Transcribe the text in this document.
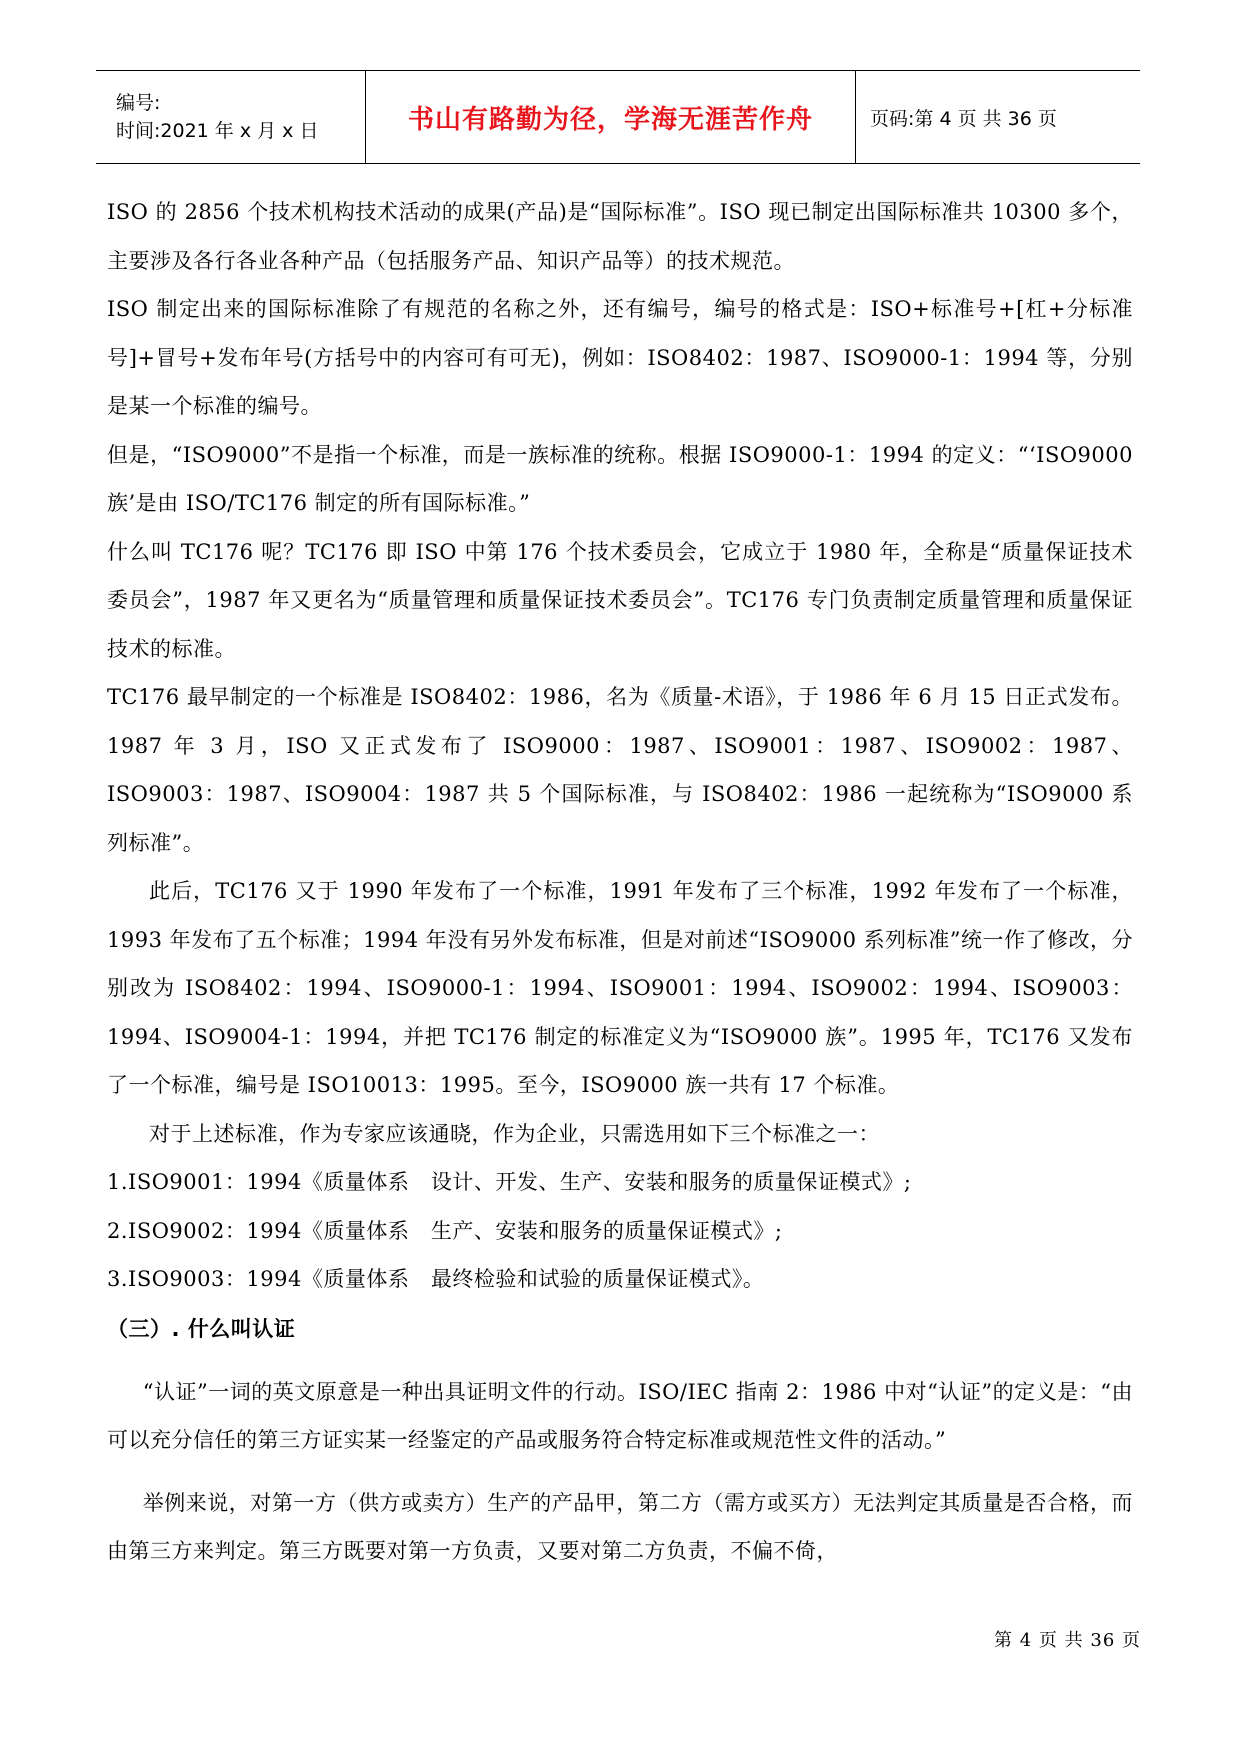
编号:
时间:2021 年 x 月 x 日	书山有路勤为径，学海无涯苦作舟	页码:第 4 页 共 36 页

ISO 的 2856 个技术机构技术活动的成果(产品)是“国际标准”。ISO 现已制定出国际标准共 10300 多个，主要涉及各行各业各种产品（包括服务产品、知识产品等）的技术规范。

ISO 制定出来的国际标准除了有规范的名称之外，还有编号，编号的格式是：ISO+标准号+[杠+分标准号]+冒号+发布年号(方括号中的内容可有可无)，例如：ISO8402：1987、ISO9000-1：1994 等，分别是某一个标准的编号。

但是，“ISO9000”不是指一个标准，而是一族标准的统称。根据 ISO9000-1：1994 的定义：“‘ISO9000 族’是由 ISO/TC176 制定的所有国际标准。”

什么叫 TC176 呢？TC176 即 ISO 中第 176 个技术委员会，它成立于 1980 年，全称是“质量保证技术委员会”，1987 年又更名为“质量管理和质量保证技术委员会”。TC176 专门负责制定质量管理和质量保证技术的标准。

TC176 最早制定的一个标准是 ISO8402：1986，名为《质量-术语》，于 1986 年 6 月 15 日正式发布。1987 年 3 月，ISO 又正式发布了 ISO9000：1987、ISO9001：1987、ISO9002：1987、ISO9003：1987、ISO9004：1987 共 5 个国际标准，与 ISO8402：1986 一起统称为“ISO9000 系列标准”。

此后，TC176 又于 1990 年发布了一个标准，1991 年发布了三个标准，1992 年发布了一个标准，1993 年发布了五个标准；1994 年没有另外发布标准，但是对前述“ISO9000 系列标准”统一作了修改，分别改为 ISO8402：1994、ISO9000-1：1994、ISO9001：1994、ISO9002：1994、ISO9003：1994、ISO9004-1：1994，并把 TC176 制定的标准定义为“ISO9000 族”。1995 年，TC176 又发布了一个标准，编号是 ISO10013：1995。至今，ISO9000 族一共有 17 个标准。

对于上述标准，作为专家应该通晓，作为企业，只需选用如下三个标准之一：

1.ISO9001：1994《质量体系　设计、开发、生产、安装和服务的质量保证模式》;

2.ISO9002：1994《质量体系　生产、安装和服务的质量保证模式》;

3.ISO9003：1994《质量体系　最终检验和试验的质量保证模式》。

（三）. 什么叫认证

“认证”一词的英文原意是一种出具证明文件的行动。ISO/IEC 指南 2：1986 中对“认证”的定义是：“由可以充分信任的第三方证实某一经鉴定的产品或服务符合特定标准或规范性文件的活动。”

举例来说，对第一方（供方或卖方）生产的产品甲，第二方（需方或买方）无法判定其质量是否合格，而由第三方来判定。第三方既要对第一方负责，又要对第二方负责，不偏不倚，

第 4 页 共 36 页
